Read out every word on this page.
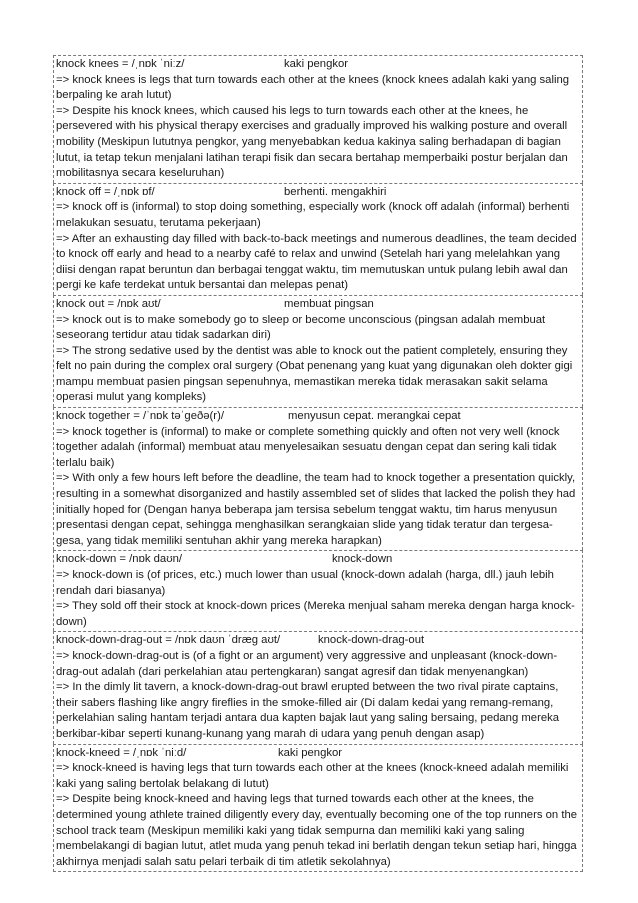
knock knees = /ˌnɒk ˈniːz/	kaki pengkor

=> knock knees is legs that turn towards each other at the knees (knock knees adalah kaki yang saling berpaling ke arah lutut)

=> Despite his knock knees, which caused his legs to turn towards each other at the knees, he persevered with his physical therapy exercises and gradually improved his walking posture and overall mobility (Meskipun lututnya pengkor, yang menyebabkan kedua kakinya saling berhadapan di bagian lutut, ia tetap tekun menjalani latihan terapi fisik dan secara bertahap memperbaiki postur berjalan dan mobilitasnya secara keseluruhan)

knock off = /ˌnɒk ɒf/	berhenti. mengakhiri

=> knock off is (informal) to stop doing something, especially work (knock off adalah (informal) berhenti melakukan sesuatu, terutama pekerjaan)

=> After an exhausting day filled with back-to-back meetings and numerous deadlines, the team decided to knock off early and head to a nearby café to relax and unwind (Setelah hari yang melelahkan yang diisi dengan rapat beruntun dan berbagai tenggat waktu, tim memutuskan untuk pulang lebih awal dan pergi ke kafe terdekat untuk bersantai dan melepas penat)

knock out = /nɒk aʊt/	membuat pingsan

=> knock out is to make somebody go to sleep or become unconscious (pingsan adalah membuat seseorang tertidur atau tidak sadarkan diri)

=> The strong sedative used by the dentist was able to knock out the patient completely, ensuring they felt no pain during the complex oral surgery (Obat penenang yang kuat yang digunakan oleh dokter gigi mampu membuat pasien pingsan sepenuhnya, memastikan mereka tidak merasakan sakit selama operasi mulut yang kompleks)

knock together = /ˈnɒk təˈɡeðə(r)/	menyusun cepat. merangkai cepat

=> knock together is (informal) to make or complete something quickly and often not very well (knock together adalah (informal) membuat atau menyelesaikan sesuatu dengan cepat dan sering kali tidak terlalu baik)

=> With only a few hours left before the deadline, the team had to knock together a presentation quickly, resulting in a somewhat disorganized and hastily assembled set of slides that lacked the polish they had initially hoped for (Dengan hanya beberapa jam tersisa sebelum tenggat waktu, tim harus menyusun presentasi dengan cepat, sehingga menghasilkan serangkaian slide yang tidak teratur dan tergesa-gesa, yang tidak memiliki sentuhan akhir yang mereka harapkan)

knock-down = /nɒk daʊn/	knock-down

=> knock-down is (of prices, etc.) much lower than usual (knock-down adalah (harga, dll.) jauh lebih rendah dari biasanya)

=> They sold off their stock at knock-down prices (Mereka menjual saham mereka dengan harga knock-down)

knock-down-drag-out = /nɒk daʊn ˈdræɡ aʊt/	knock-down-drag-out

=> knock-down-drag-out is (of a fight or an argument) very aggressive and unpleasant (knock-down-drag-out adalah (dari perkelahian atau pertengkaran) sangat agresif dan tidak menyenangkan)

=> In the dimly lit tavern, a knock-down-drag-out brawl erupted between the two rival pirate captains, their sabers flashing like angry fireflies in the smoke-filled air (Di dalam kedai yang remang-remang, perkelahian saling hantam terjadi antara dua kapten bajak laut yang saling bersaing, pedang mereka berkibar-kibar seperti kunang-kunang yang marah di udara yang penuh dengan asap)

knock-kneed = /ˌnɒk ˈniːd/	kaki pengkor

=> knock-kneed is having legs that turn towards each other at the knees (knock-kneed adalah memiliki kaki yang saling bertolak belakang di lutut)

=> Despite being knock-kneed and having legs that turned towards each other at the knees, the determined young athlete trained diligently every day, eventually becoming one of the top runners on the school track team (Meskipun memiliki kaki yang tidak sempurna dan memiliki kaki yang saling membelakangi di bagian lutut, atlet muda yang penuh tekad ini berlatih dengan tekun setiap hari, hingga akhirnya menjadi salah satu pelari terbaik di tim atletik sekolahnya)
